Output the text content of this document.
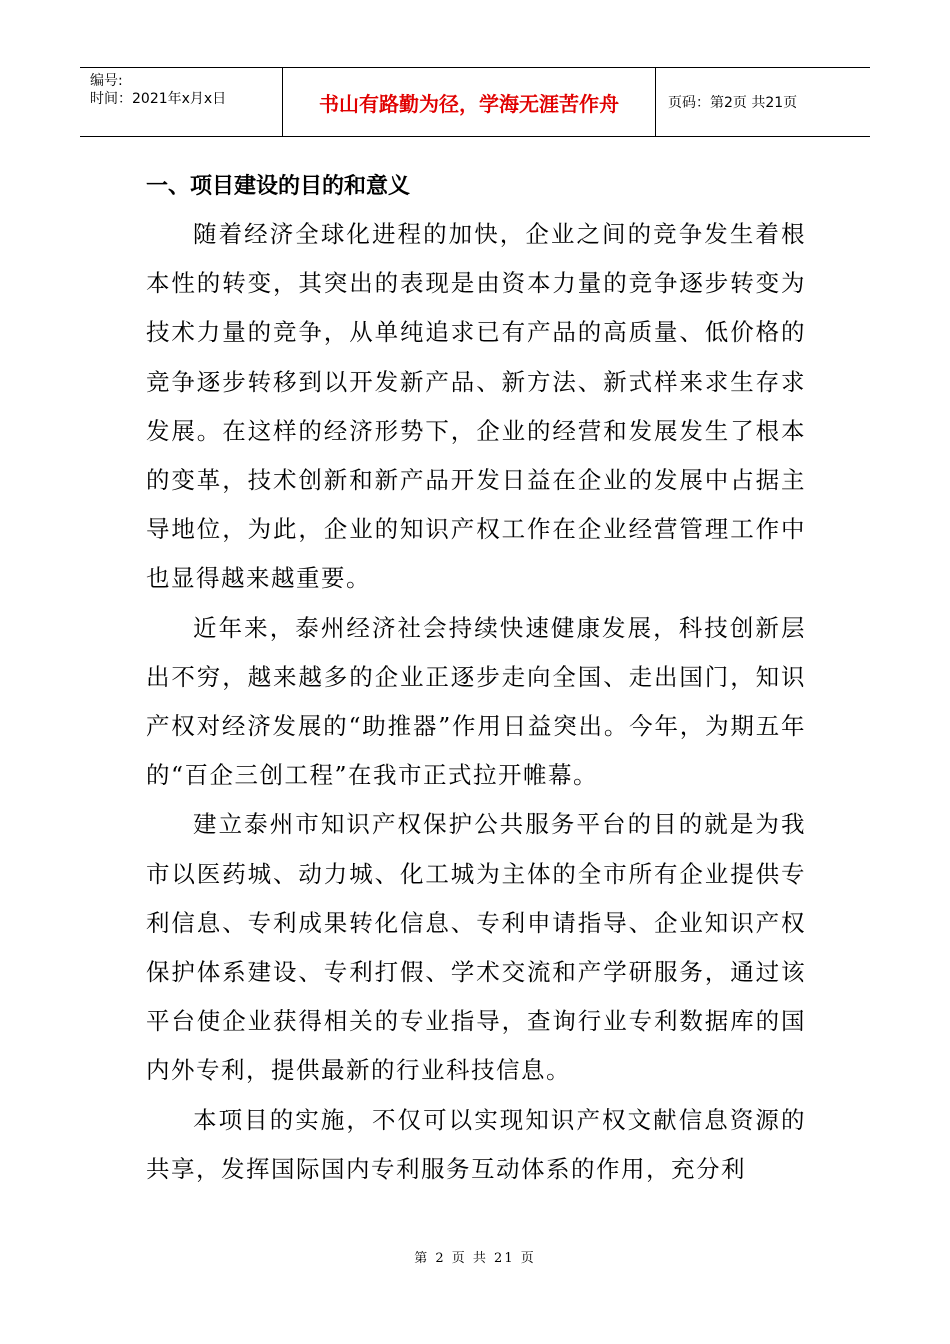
编号:
时间：2021年x月x日	书山有路勤为径，学海无涯苦作舟	页码：第2页 共21页
一、项目建设的目的和意义

随着经济全球化进程的加快，企业之间的竞争发生着根本性的转变，其突出的表现是由资本力量的竞争逐步转变为技术力量的竞争，从单纯追求已有产品的高质量、低价格的竞争逐步转移到以开发新产品、新方法、新式样来求生存求发展。在这样的经济形势下，企业的经营和发展发生了根本的变革，技术创新和新产品开发日益在企业的发展中占据主导地位，为此，企业的知识产权工作在企业经营管理工作中也显得越来越重要。

近年来，泰州经济社会持续快速健康发展，科技创新层出不穷，越来越多的企业正逐步走向全国、走出国门，知识产权对经济发展的“助推器”作用日益突出。今年，为期五年的“百企三创工程”在我市正式拉开帷幕。

建立泰州市知识产权保护公共服务平台的目的就是为我市以医药城、动力城、化工城为主体的全市所有企业提供专利信息、专利成果转化信息、专利申请指导、企业知识产权保护体系建设、专利打假、学术交流和产学研服务，通过该平台使企业获得相关的专业指导，查询行业专利数据库的国内外专利，提供最新的行业科技信息。

本项目的实施，不仅可以实现知识产权文献信息资源的共享，发挥国际国内专利服务互动体系的作用，充分利

第 2 页 共 21 页
